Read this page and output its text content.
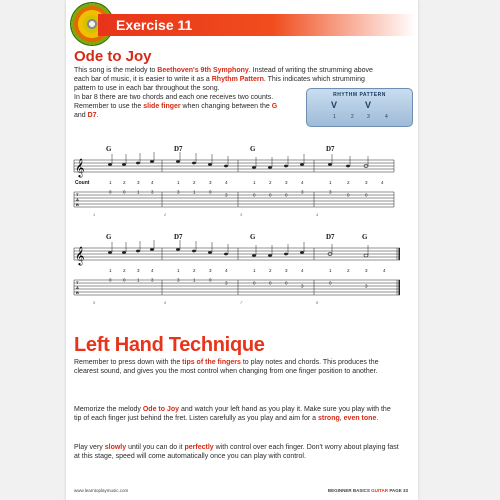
Exercise 11
Ode to Joy
This song is the melody to Beethoven's 9th Symphony. Instead of writing the strumming above each bar of music, it is easier to write it as a Rhythm Pattern. This indicates which strumming pattern to use in each bar throughout the song.
In bar 8 there are two chords and each one receives two counts. Remember to use the slide finger when changing between the G and D7.
RHYTHM PATTERN
V	V
1	2	3	4
𝄞
G	D7	G	D7
Count	1	2	3	4	1	2	3	4	1	2	3	4	1	2	3	4
T
A
B
0	0	1	3	3	1	0
3	0	0	0
3	3
0	0
1	2	3	4
𝄞
G	D7	G	D7	G
1	2	3	4	1	2	3	4	1	2	3	4	1	2	3	4
T
A
B
0	0	1	3	3	1	0
3	0	0	0
3
0
3
5	6	7	8
Left Hand Technique
Remember to press down with the tips of the fingers to play notes and chords. This produces the clearest sound, and gives you the most control when changing from one finger position to another.
Memorize the melody Ode to Joy and watch your left hand as you play it. Make sure you play with the tip of each finger just behind the fret. Listen carefully as you play and aim for a strong, even tone.
Play very slowly until you can do it perfectly with control over each finger. Don't worry about playing fast at this stage, speed will come automatically once you can play with control.
www.learntoplaymusic.com	BEGINNER BASICS GUITAR PAGE 33
